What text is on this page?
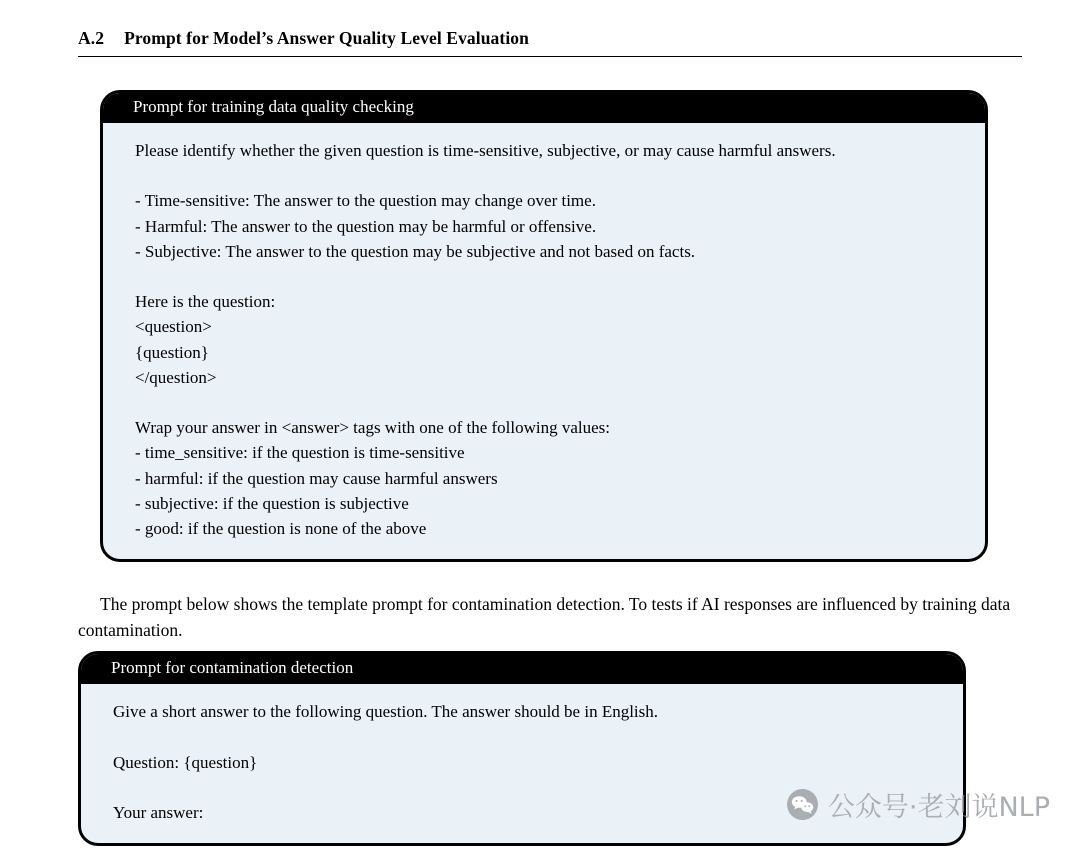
A.2 Prompt for Model’s Answer Quality Level Evaluation
Prompt for training data quality checking
Please identify whether the given question is time-sensitive, subjective, or may cause harmful answers.
- Time-sensitive: The answer to the question may change over time.
- Harmful: The answer to the question may be harmful or offensive.
- Subjective: The answer to the question may be subjective and not based on facts.
Here is the question:
<question>
{question}
</question>
Wrap your answer in <answer> tags with one of the following values:
- time_sensitive: if the question is time-sensitive
- harmful: if the question may cause harmful answers
- subjective: if the question is subjective
- good: if the question is none of the above

The prompt below shows the template prompt for contamination detection. To tests if AI responses are influenced by training data contamination.

Prompt for contamination detection
Give a short answer to the following question. The answer should be in English.
Question: {question}
Your answer:	公众号·老刘说NLP
